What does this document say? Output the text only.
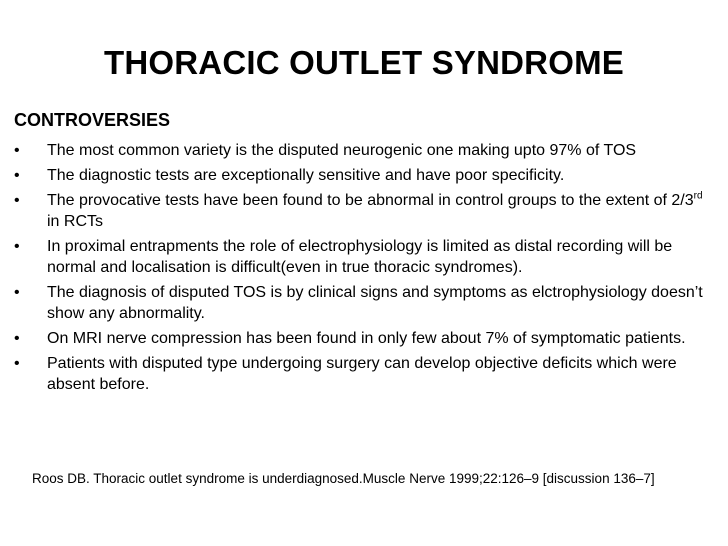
THORACIC OUTLET SYNDROME
CONTROVERSIES
•	The most common variety is the disputed neurogenic one making upto 97% of TOS
•	The diagnostic tests are exceptionally sensitive and have poor specificity.
•	The provocative tests have been found to be abnormal in control groups to the extent of 2/3rd in RCTs
•	In proximal entrapments the role of electrophysiology is limited as distal recording will be normal and localisation is difficult(even in true thoracic syndromes).
•	The diagnosis of disputed TOS is by clinical signs and symptoms as elctrophysiology doesn’t show any abnormality.
•	On MRI nerve compression has been found in only few about 7% of symptomatic patients.
•	Patients with disputed type undergoing surgery can develop objective deficits which were absent before.
Roos DB. Thoracic outlet syndrome is underdiagnosed.Muscle Nerve 1999;22:126–9 [discussion 136–7]
